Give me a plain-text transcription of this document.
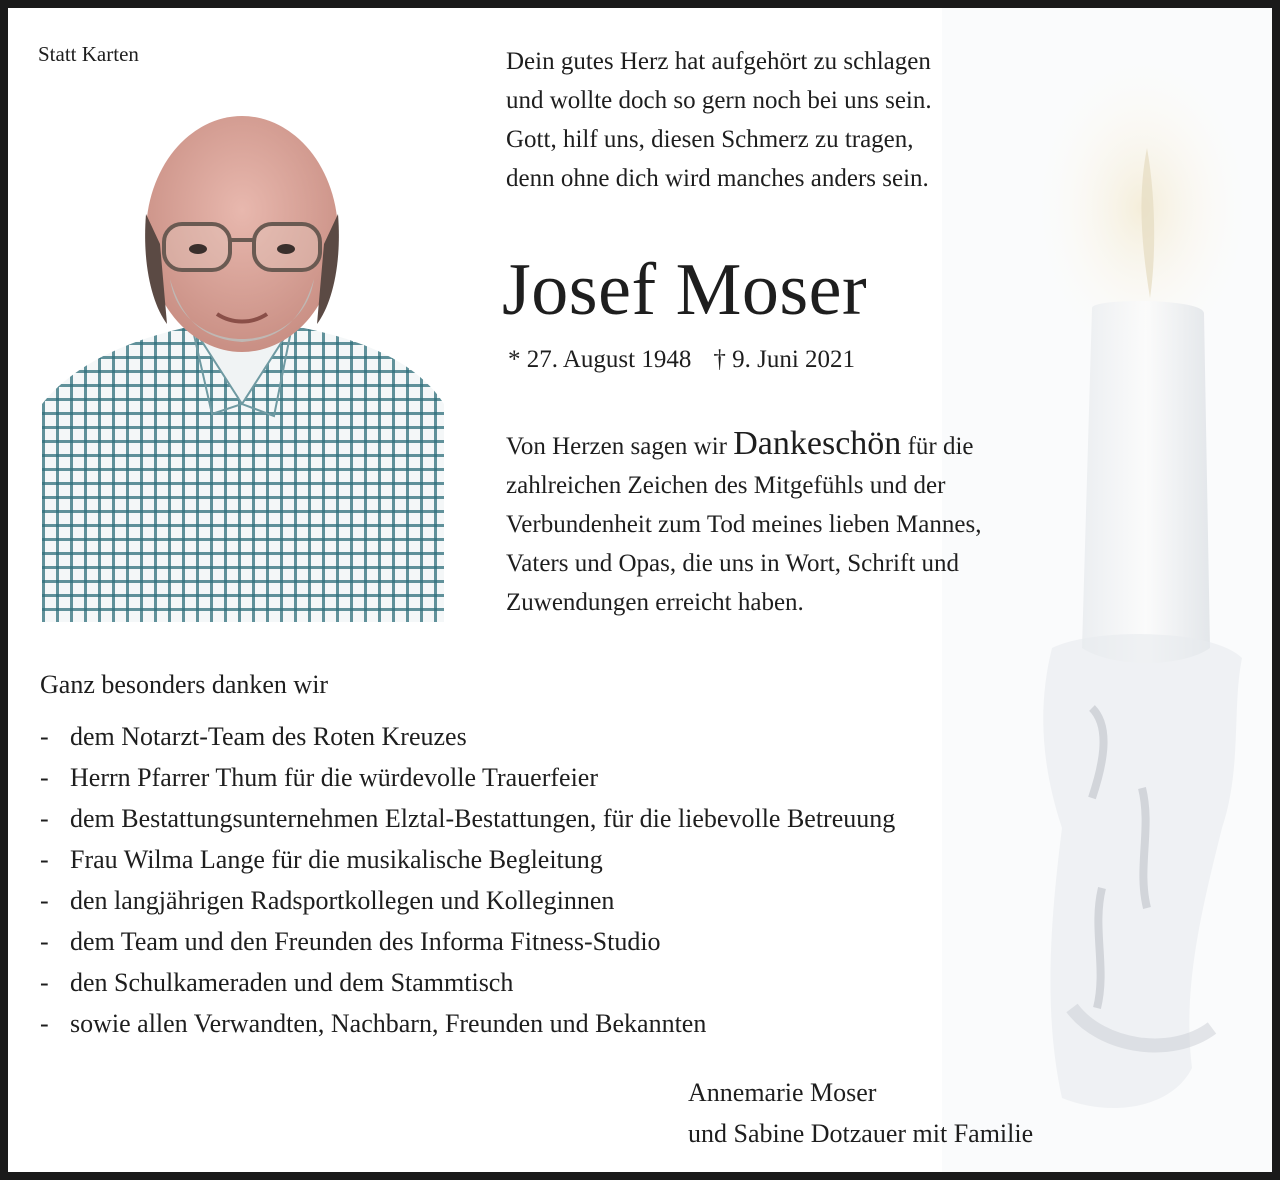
Statt Karten	Dein gutes Herz hat aufgehört zu schlagen
und wollte doch so gern noch bei uns sein.
Gott, hilf uns, diesen Schmerz zu tragen,
denn ohne dich wird manches anders sein.
Josef Moser
* 27. August 1948 † 9. Juni 2021
Von Herzen sagen wir Dankeschön für die
zahlreichen Zeichen des Mitgefühls und der
Verbundenheit zum Tod meines lieben Mannes,
Vaters und Opas, die uns in Wort, Schrift und
Zuwendungen erreicht haben.
Ganz besonders danken wir
- dem Notarzt-Team des Roten Kreuzes
- Herrn Pfarrer Thum für die würdevolle Trauerfeier
- dem Bestattungsunternehmen Elztal-Bestattungen, für die liebevolle Betreuung
- Frau Wilma Lange für die musikalische Begleitung
- den langjährigen Radsportkollegen und Kolleginnen
- dem Team und den Freunden des Informa Fitness-Studio
- den Schulkameraden und dem Stammtisch
- sowie allen Verwandten, Nachbarn, Freunden und Bekannten
Annemarie Moser
und Sabine Dotzauer mit Familie
